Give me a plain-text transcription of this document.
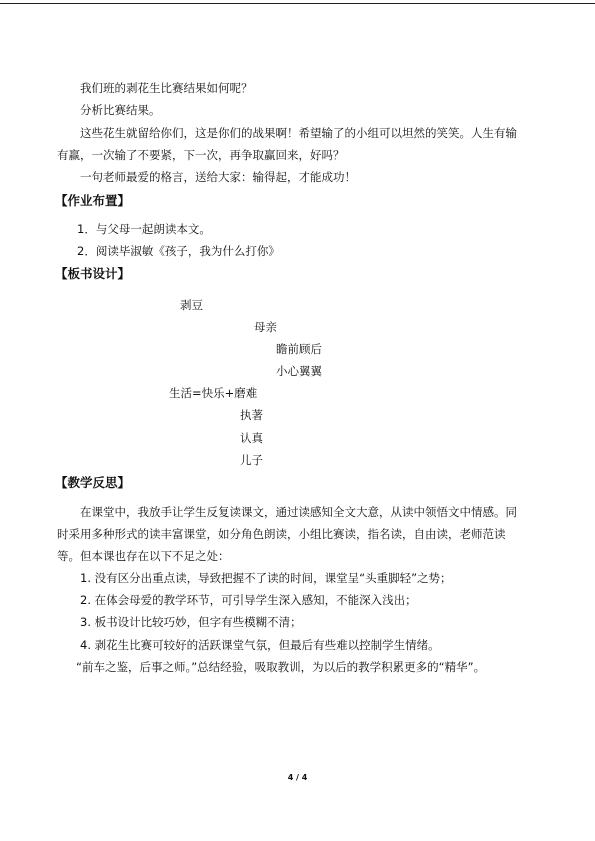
我们班的剥花生比赛结果如何呢？
分析比赛结果。
这些花生就留给你们，这是你们的战果啊！希望输了的小组可以坦然的笑笑。人生有输
有赢，一次输了不要紧，下一次，再争取赢回来，好吗？
一句老师最爱的格言，送给大家：输得起，才能成功！
【作业布置】
1．与父母一起朗读本文。
2．阅读毕淑敏《孩子，我为什么打你》
【板书设计】
剥豆
母亲
瞻前顾后
小心翼翼
生活=快乐+磨难
执著
认真
儿子
【教学反思】
在课堂中，我放手让学生反复读课文，通过读感知全文大意，从读中领悟文中情感。同
时采用多种形式的读丰富课堂，如分角色朗读，小组比赛读，指名读，自由读，老师范读
等。但本课也存在以下不足之处：
1. 没有区分出重点读，导致把握不了读的时间，课堂呈“头重脚轻”之势；
2. 在体会母爱的教学环节，可引导学生深入感知，不能深入浅出；
3. 板书设计比较巧妙，但字有些模糊不清；
4. 剥花生比赛可较好的活跃课堂气氛，但最后有些难以控制学生情绪。
“前车之鉴，后事之师。”总结经验，吸取教训，为以后的教学积累更多的“精华”。
4 / 4
